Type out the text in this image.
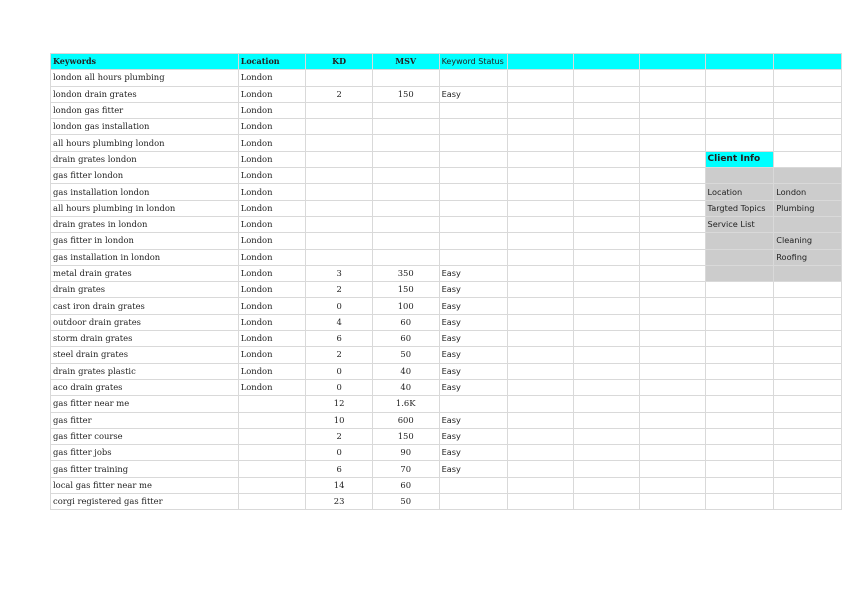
Keywords	Location	KD	MSV	Keyword Status					
london all hours plumbing	London								
london drain grates	London	2	150	Easy					
london gas fitter	London								
london gas installation	London								
all hours plumbing london	London								
drain grates london	London							Client Info	
gas fitter london	London								
gas installation london	London							Location	London
all hours plumbing in london	London							Targted Topics	Plumbing
drain grates in london	London							Service List	
gas fitter in london	London								Cleaning
gas installation in london	London								Roofing
metal drain grates	London	3	350	Easy					
drain grates	London	2	150	Easy					
cast iron drain grates	London	0	100	Easy					
outdoor drain grates	London	4	60	Easy					
storm drain grates	London	6	60	Easy					
steel drain grates	London	2	50	Easy					
drain grates plastic	London	0	40	Easy					
aco drain grates	London	0	40	Easy					
gas fitter near me		12	1.6K						
gas fitter		10	600	Easy					
gas fitter course		2	150	Easy					
gas fitter jobs		0	90	Easy					
gas fitter training		6	70	Easy					
local gas fitter near me		14	60						
corgi registered gas fitter		23	50						
